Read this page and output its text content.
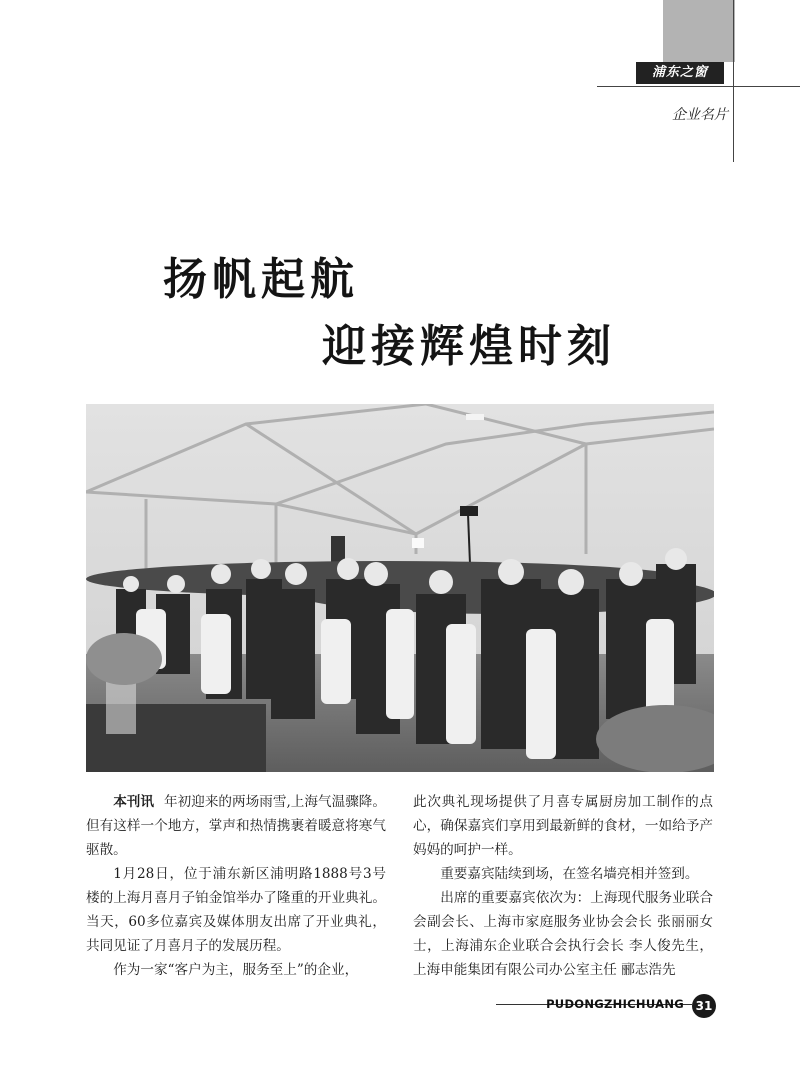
浦东之窗
企业名片
扬帆起航
迎接辉煌时刻

本刊讯 年初迎来的两场雨雪,上海气温骤降。但有这样一个地方，掌声和热情携裹着暖意将寒气驱散。

1月28日，位于浦东新区浦明路1888号3号楼的上海月喜月子铂金馆举办了隆重的开业典礼。当天，60多位嘉宾及媒体朋友出席了开业典礼，共同见证了月喜月子的发展历程。

作为一家“客户为主，服务至上”的企业，

此次典礼现场提供了月喜专属厨房加工制作的点心，确保嘉宾们享用到最新鲜的食材，一如给予产妈妈的呵护一样。

重要嘉宾陆续到场，在签名墙亮相并签到。

出席的重要嘉宾依次为：上海现代服务业联合会副会长、上海市家庭服务业协会会长 张丽丽女士，上海浦东企业联合会执行会长 李人俊先生，上海申能集团有限公司办公室主任 郦志浩先

PUDONGZHICHUANG 31
